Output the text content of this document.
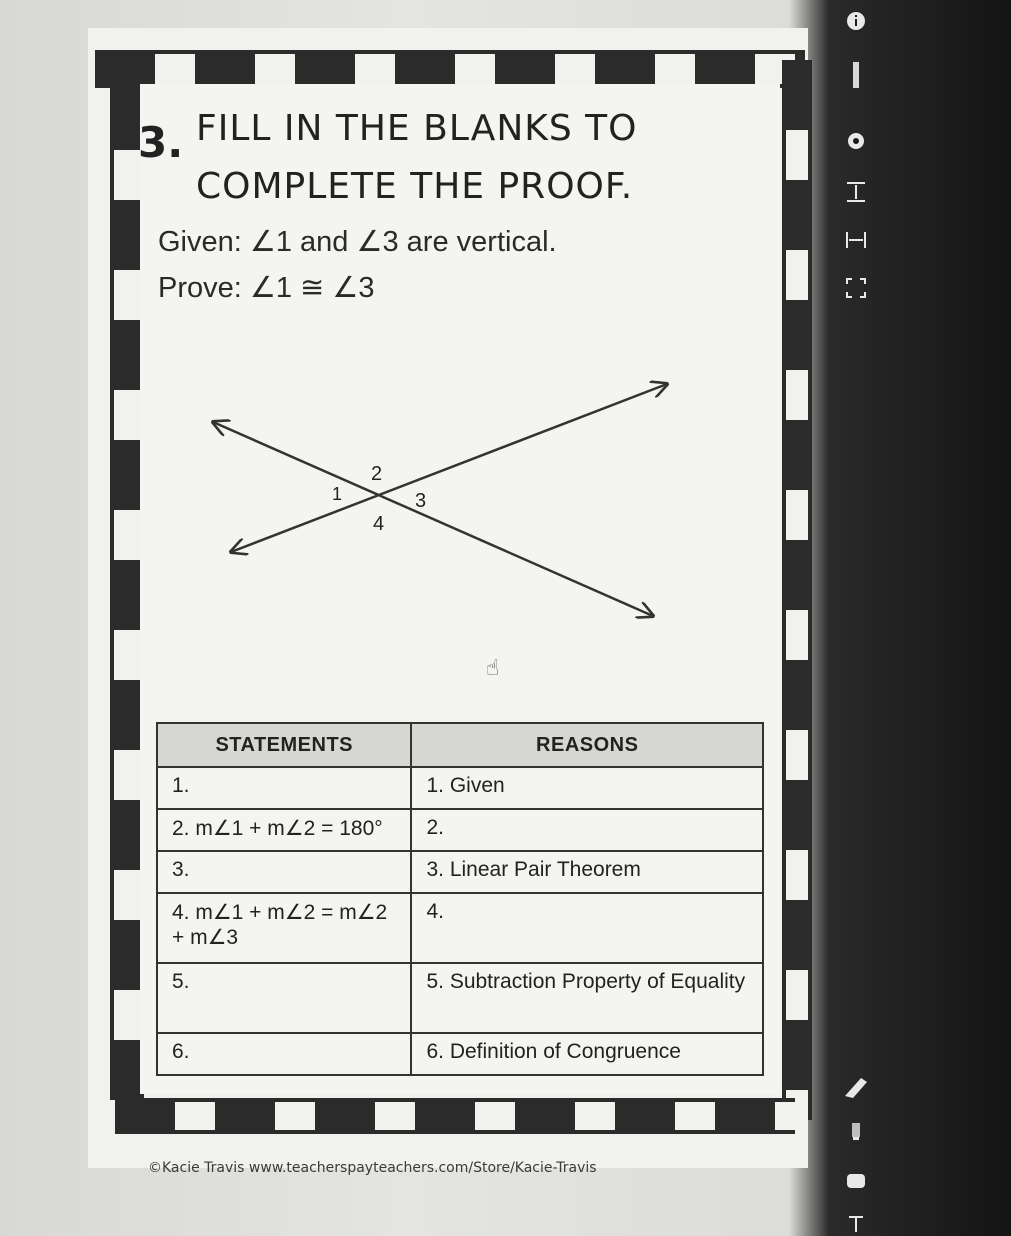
3. FILL IN THE BLANKS TO COMPLETE THE PROOF.
Given: ∠1 and ∠3 are vertical.
Prove: ∠1 ≅ ∠3
2
1	3
4
☝
STATEMENTS	REASONS
1.	1. Given
2. m∠1 + m∠2 = 180°	2.
3.	3. Linear Pair Theorem
4. m∠1 + m∠2 = m∠2 + m∠3	4.
5.	5. Subtraction Property of Equality
6.	6. Definition of Congruence
©Kacie Travis www.teacherspayteachers.com/Store/Kacie-Travis
